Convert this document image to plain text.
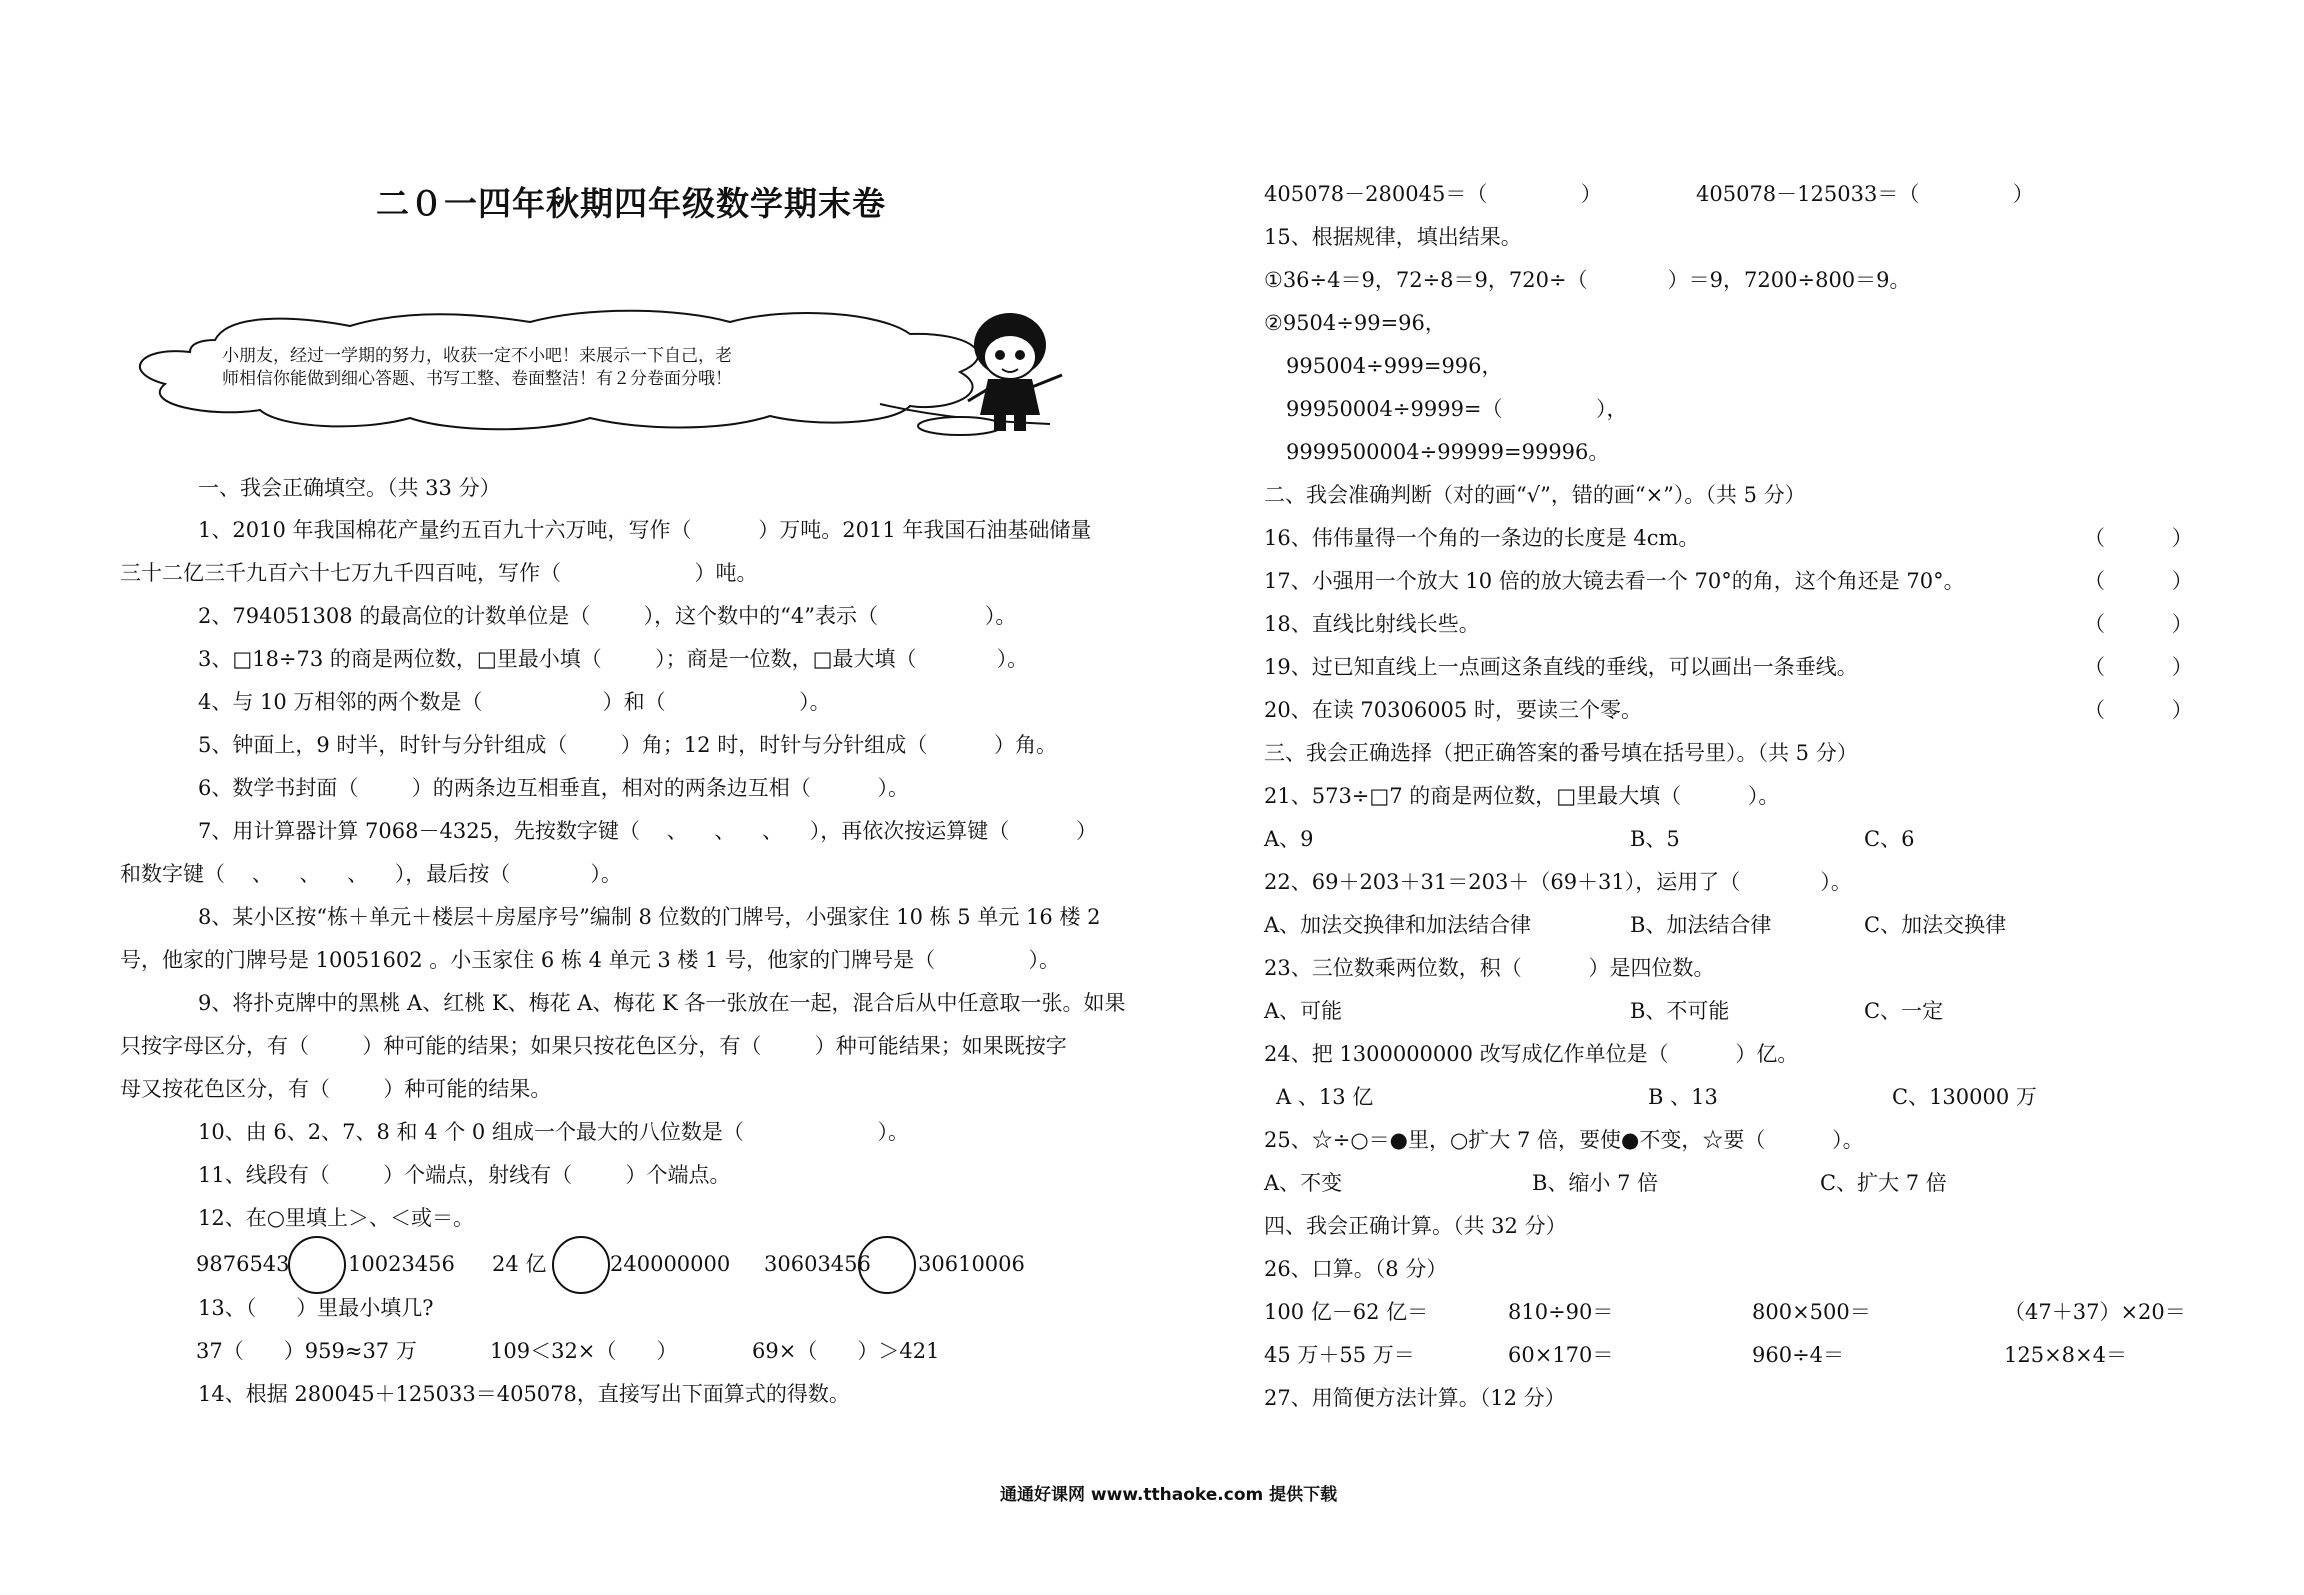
二０一四年秋期四年级数学期末卷
小朋友，经过一学期的努力，收获一定不小吧！来展示一下自己，老
师相信你能做到细心答题、书写工整、卷面整洁！有２分卷面分哦！
一、我会正确填空。（共 33 分）
1、2010 年我国棉花产量约五百九十六万吨，写作（          ）万吨。2011 年我国石油基础储量
三十二亿三千九百六十七万九千四百吨，写作（                    ）吨。
2、794051308 的最高位的计数单位是（        ），这个数中的“4”表示（                ）。
3、□18÷73 的商是两位数，□里最小填（        ）；商是一位数，□最大填（            ）。
4、与 10 万相邻的两个数是（                  ）和（                    ）。
5、钟面上，9 时半，时针与分针组成（        ）角；12 时，时针与分针组成（          ）角。
6、数学书封面（        ）的两条边互相垂直，相对的两条边互相（          ）。
7、用计算器计算 7068－4325，先按数字键（    、    、    、    ），再依次按运算键（          ）
和数字键（    、    、    、    ），最后按（            ）。
8、某小区按“栋＋单元＋楼层＋房屋序号”编制 8 位数的门牌号，小强家住 10 栋 5 单元 16 楼 2
号，他家的门牌号是 10051602 。小玉家住 6 栋 4 单元 3 楼 1 号，他家的门牌号是（              ）。
9、将扑克牌中的黑桃 A、红桃 K、梅花 A、梅花 K 各一张放在一起，混合后从中任意取一张。如果
只按字母区分，有（        ）种可能的结果；如果只按花色区分，有（        ）种可能结果；如果既按字
母又按花色区分，有（        ）种可能的结果。
10、由 6、2、7、8 和 4 个 0 组成一个最大的八位数是（                    ）。
11、线段有（        ）个端点，射线有（        ）个端点。
12、在○里填上＞、＜或＝。
9876543	10023456 24 亿	240000000 30603456 30610006
13、（      ）里最小填几?
37（      ）959≈37 万	109＜32×（      ）	69×（      ）＞421
14、根据 280045＋125033＝405078，直接写出下面算式的得数。
405078－280045＝（              ）	405078－125033＝（              ）
15、根据规律，填出结果。
①36÷4＝9，72÷8＝9，720÷（            ）＝9，7200÷800＝9。
②9504÷99=96，
995004÷999=996，
99950004÷9999=（              ），
9999500004÷99999=99996。
二、我会准确判断（对的画“√”，错的画“×”）。（共 5 分）
16、伟伟量得一个角的一条边的长度是 4cm。	（          ）
17、小强用一个放大 10 倍的放大镜去看一个 70°的角，这个角还是 70°。	（          ）
18、直线比射线长些。	（          ）
19、过已知直线上一点画这条直线的垂线，可以画出一条垂线。	（          ）
20、在读 70306005 时，要读三个零。	（          ）
三、我会正确选择（把正确答案的番号填在括号里）。（共 5 分）
21、573÷□7 的商是两位数，□里最大填（          ）。
A、9	B、5	C、6
22、69＋203＋31＝203＋（69＋31），运用了（            ）。
A、加法交换律和加法结合律	B、加法结合律	C、加法交换律
23、三位数乘两位数，积（          ）是四位数。
A、可能	B、不可能	C、一定
24、把 1300000000 改写成亿作单位是（          ）亿。
A 、13 亿	B 、13	C、130000 万
25、☆÷○＝●里，○扩大 7 倍，要使●不变，☆要（          ）。
A、不变	B、缩小 7 倍	C、扩大 7 倍
四、我会正确计算。（共 32 分）
26、口算。（8 分）
100 亿－62 亿＝	810÷90＝	800×500＝	（47＋37）×20＝
45 万＋55 万＝	60×170＝	960÷4＝	125×8×4＝
27、用简便方法计算。（12 分）
通通好课网 www.tthaoke.com 提供下载
